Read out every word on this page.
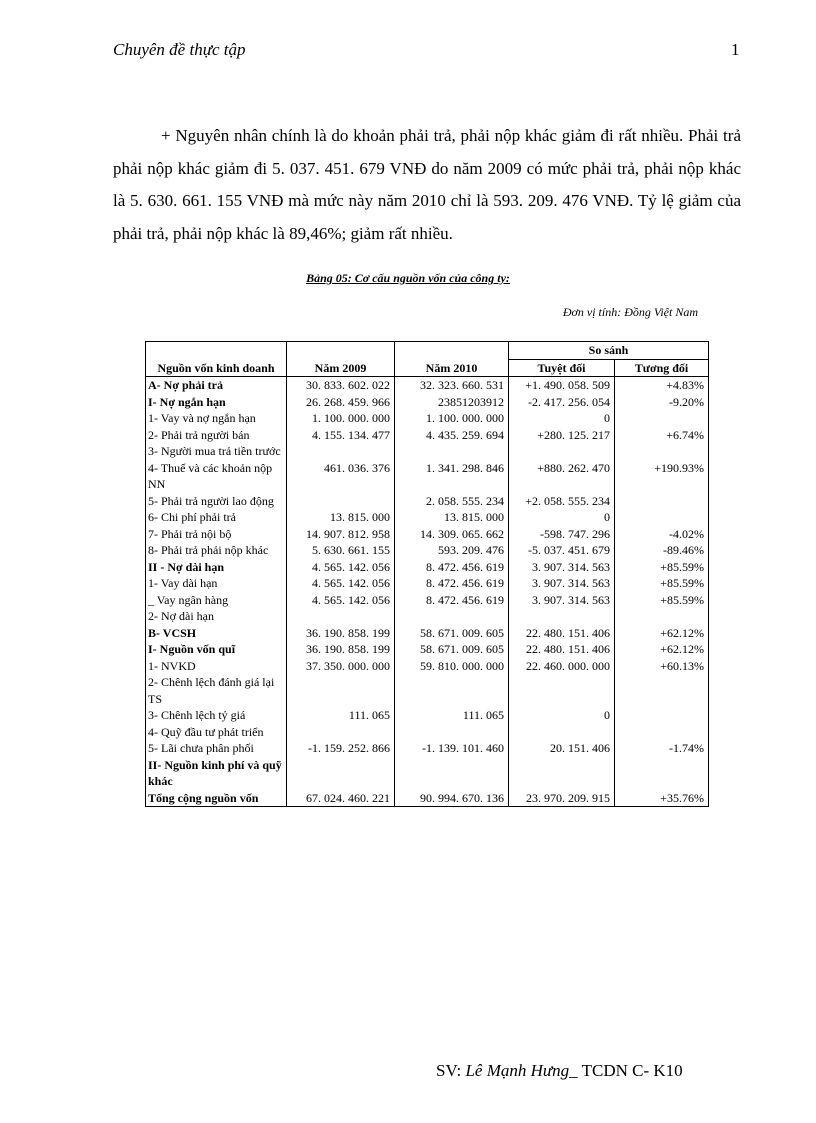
Chuyên đề thực tập	1

+ Nguyên nhân chính là do khoản phải trả, phải nộp khác giảm đi rất nhiều. Phải trả phải nộp khác giảm đi 5. 037. 451. 679 VNĐ do năm 2009 có mức phải trả, phải nộp khác là 5. 630. 661. 155 VNĐ mà mức này năm 2010 chỉ là 593. 209. 476 VNĐ. Tỷ lệ giảm của phải trả, phải nộp khác là 89,46%; giảm rất nhiều.

Bảng 05: Cơ cấu nguồn vốn của công ty:
Đơn vị tính: Đồng Việt Nam
Nguồn vốn kinh doanh	Năm 2009	Năm 2010	So sánh	
			Tuyệt đối	Tương đối
A- Nợ phải trả	30. 833. 602. 022	32. 323. 660. 531	+1. 490. 058. 509	+4.83%
I- Nợ ngắn hạn	26. 268. 459. 966	23851203912	-2. 417. 256. 054	-9.20%
1- Vay và nợ ngắn hạn	1. 100. 000. 000	1. 100. 000. 000	0	
2- Phải trả người bán	4. 155. 134. 477	4. 435. 259. 694	+280. 125. 217	+6.74%
3- Người mua trả tiền trước				
4- Thuế và các khoản nộp NN	461. 036. 376	1. 341. 298. 846	+880. 262. 470	+190.93%
5- Phải trả người lao động		2. 058. 555. 234	+2. 058. 555. 234	
6- Chi phí phải trả	13. 815. 000	13. 815. 000	0	
7- Phải trả nội bộ	14. 907. 812. 958	14. 309. 065. 662	-598. 747. 296	-4.02%
8- Phải trả phải nộp khác	5. 630. 661. 155	593. 209. 476	-5. 037. 451. 679	-89.46%
II - Nợ dài hạn	4. 565. 142. 056	8. 472. 456. 619	3. 907. 314. 563	+85.59%
1- Vay dài hạn	4. 565. 142. 056	8. 472. 456. 619	3. 907. 314. 563	+85.59%
_ Vay ngân hàng	4. 565. 142. 056	8. 472. 456. 619	3. 907. 314. 563	+85.59%
2- Nợ dài hạn				
B- VCSH	36. 190. 858. 199	58. 671. 009. 605	22. 480. 151. 406	+62.12%
I- Nguồn vốn quĩ	36. 190. 858. 199	58. 671. 009. 605	22. 480. 151. 406	+62.12%
1- NVKD	37. 350. 000. 000	59. 810. 000. 000	22. 460. 000. 000	+60.13%
2- Chênh lệch đánh giá lại TS				
3- Chênh lệch tỷ giá	111. 065	111. 065	0	
4- Quỹ đầu tư phát triển				
5- Lãi chưa phân phối	-1. 159. 252. 866	-1. 139. 101. 460	20. 151. 406	-1.74%
II- Nguồn kinh phí và quỹ khác				
Tổng cộng nguồn vốn	67. 024. 460. 221	90. 994. 670. 136	23. 970. 209. 915	+35.76%
SV: Lê Mạnh Hưng_ TCDN C- K10
